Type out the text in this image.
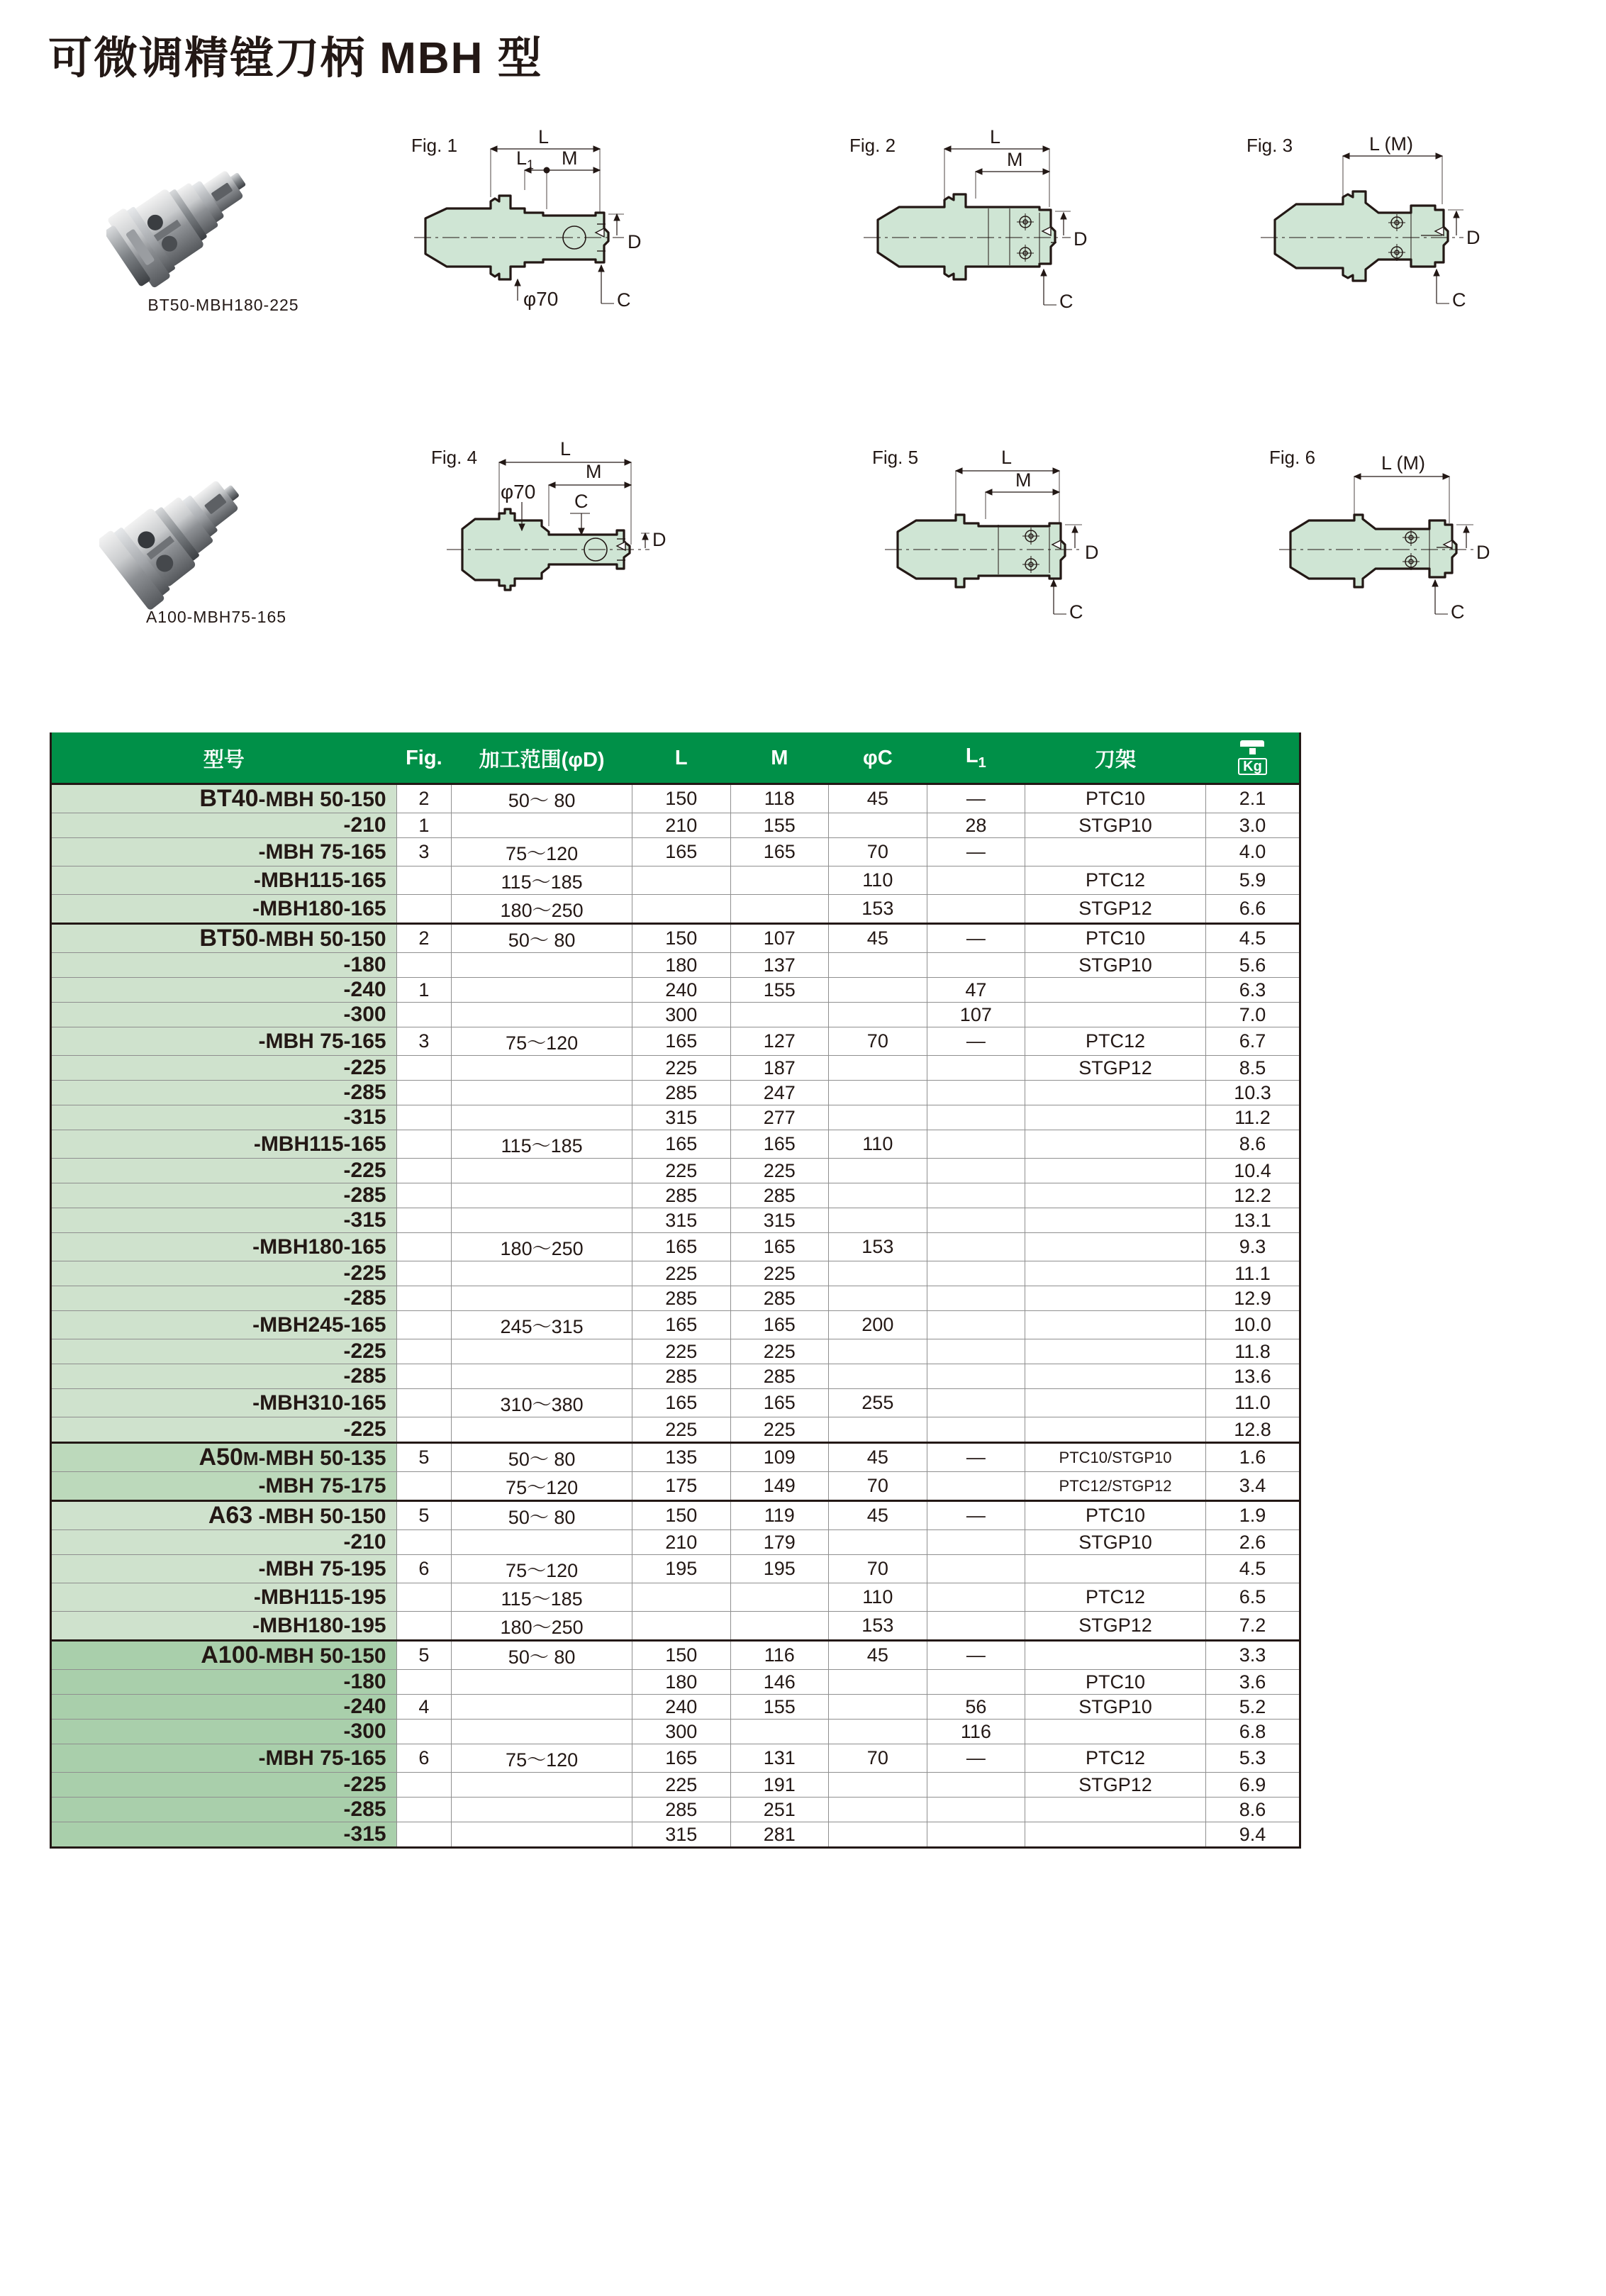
可微调精镗刀柄 MBH 型
BT50-MBH180-225
A100-MBH75-165
Fig. 1	L
$L_1$ M
φ70	C
D
Fig. 2	L
M
C
D
Fig. 3	L (M)
C
D
Fig. 4	L
M
φ70 C
D
Fig. 5	L
M
C
D
Fig. 6	L (M)
C
D
型号	Fig.	加工范围(φD)	L	M	φC	$L_1$	刀架	Kg
BT40-MBH 50-150	2	50～ 80	150	118	45	—	PTC10	2.1
-210	1		210	155		28	STGP10	3.0
-MBH 75-165	3	75～120	165	165	70	—		4.0
-MBH115-165		115～185			110		PTC12	5.9
-MBH180-165		180～250			153		STGP12	6.6
BT50-MBH 50-150	2	50～ 80	150	107	45	—	PTC10	4.5
-180			180	137			STGP10	5.6
-240	1		240	155		47		6.3
-300			300			107		7.0
-MBH 75-165	3	75～120	165	127	70	—	PTC12	6.7
-225			225	187			STGP12	8.5
-285			285	247				10.3
-315			315	277				11.2
-MBH115-165		115～185	165	165	110			8.6
-225			225	225				10.4
-285			285	285				12.2
-315			315	315				13.1
-MBH180-165		180～250	165	165	153			9.3
-225			225	225				11.1
-285			285	285				12.9
-MBH245-165		245～315	165	165	200			10.0
-225			225	225				11.8
-285			285	285				13.6
-MBH310-165		310～380	165	165	255			11.0
-225			225	225				12.8
A50M-MBH 50-135	5	50～ 80	135	109	45	—	PTC10/STGP10	1.6
-MBH 75-175		75～120	175	149	70		PTC12/STGP12	3.4
A63 -MBH 50-150	5	50～ 80	150	119	45	—	PTC10	1.9
-210			210	179			STGP10	2.6
-MBH 75-195	6	75～120	195	195	70			4.5
-MBH115-195		115～185			110		PTC12	6.5
-MBH180-195		180～250			153		STGP12	7.2
A100-MBH 50-150	5	50～ 80	150	116	45	—		3.3
-180			180	146			PTC10	3.6
-240	4		240	155		56	STGP10	5.2
-300			300			116		6.8
-MBH 75-165	6	75～120	165	131	70	—	PTC12	5.3
-225			225	191			STGP12	6.9
-285			285	251				8.6
-315			315	281				9.4
